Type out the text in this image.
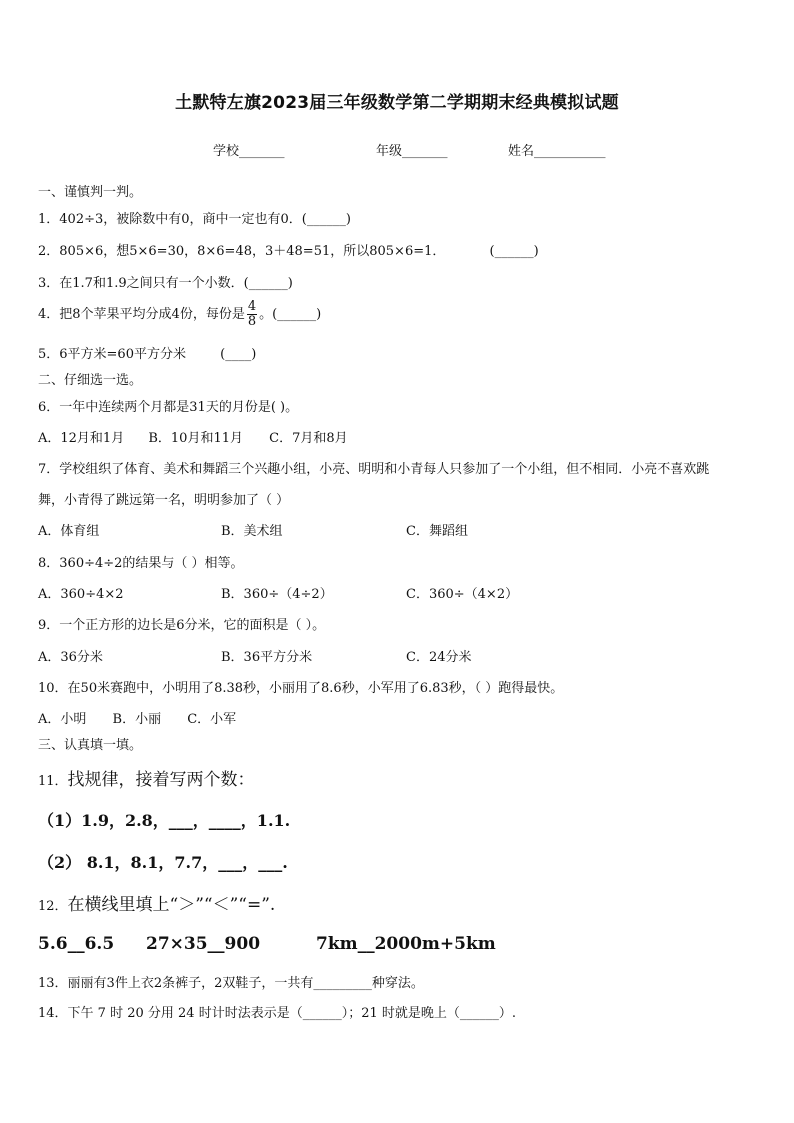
土默特左旗2023届三年级数学第二学期期末经典模拟试题
学校_______	年级_______	姓名___________
一、谨慎判一判。
1．402÷3，被除数中有0，商中一定也有0．(______)
2．805×6，想5×6=30，8×6=48，3＋48=51，所以805×6=1．	(______)
3．在1.7和1.9之间只有一个小数．(______)
4．把8个苹果平均分成4份，每份是 $\frac{4}{8}$ 。(______)
5．6平方米=60平方分米	(____)
二、仔细选一选。
6．一年中连续两个月都是31天的月份是( )。
A．12月和1月 B．10月和11月 C．7月和8月
7．学校组织了体育、美术和舞蹈三个兴趣小组，小亮、明明和小青每人只参加了一个小组，但不相同．小亮不喜欢跳
舞，小青得了跳远第一名，明明参加了（ ）
A．体育组	B．美术组	C．舞蹈组
8．360÷4÷2的结果与（ ）相等。
A．360÷4×2	B．360÷（4÷2）	C．360÷（4×2）
9．一个正方形的边长是6分米，它的面积是（ ）。
A．36分米	B．36平方分米	C．24分米
10．在50米赛跑中，小明用了8.38秒，小丽用了8.6秒，小军用了6.83秒，（ ）跑得最快。
A．小明 B．小丽 C．小军
三、认真填一填。
11．找规律，接着写两个数：
（1）1.9，2.8，___，____，1.1.
（2） 8.1，8.1，7.7，___，___.
12．在横线里填上“＞”“＜”“=”.
5.6__6.5 27×35__900	7km__2000m+5km
13．丽丽有3件上衣2条裤子，2双鞋子，一共有_________种穿法。
14．下午 7 时 20 分用 24 时计时法表示是（______）；21 时就是晚上（______）.
